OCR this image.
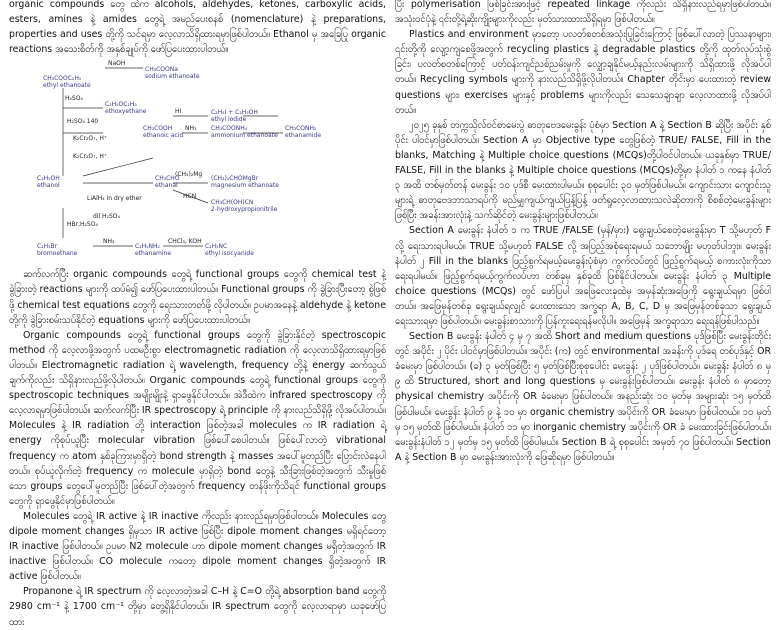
organic compounds တွေ ထဲက alcohols, aldehydes, ketones, carboxylic acids, esters, amines နဲ့ amides တွေရဲ့ အမည်ပေးစနစ် (nomenclature) နဲ့ preparations, properties and uses တို့ကို သင်ရမှာ လေ့လာသိရှိထားရမှာဖြစ်ပါတယ်။ Ethanol မှ အခြေပြု organic reactions အသေးစိတ်ကို အနှစ်ချုပ်ကို ဖော်ပြပေးထားပါတယ်။

NaOH
CH₃COOC₂H₅
ethyl ethanoate
CH₃COONa
sodium ethanoate
H₂SO₄
C₂H₅OC₂H₅
ethoxyethane
H₂SO₄ 140
HI	C₂H₅I + C₂H₅OH
ethyl iodide
K₂Cr₂O₇, H⁺
CH₃COOH
ethanoic acid
NH₃ CH₃COONH₄
ammonium ethanoate
CH₃CONH₂
ethanamide
K₂Cr₂O₇, H⁺
C₂H₅OH
ethanol
CH₃CHO
ethanal
(CH₃)₂Mg
(CH₃)₂CHOMgBr
magnesium ethanoate
HCN
CH₃CH(OH)CN
2-hydroxypropionitrile
LiAlH₄ in dry ether
dil H₂SO₄
HBr,H₂SO₄
C₂H₅Br
bromoethane
NH₃
C₂H₅NH₂
ethanamine
CHCl₃, KOH
C₂H₅NC
ethyl isocyanide

ဆက်လက်ပြီး organic compounds တွေရဲ့ functional groups တွေကို chemical test နဲ့ ခွဲခြားတဲ့ reactions များကို ထပ်မံ၍ ဖော်ပြပေးထားပါတယ်။ Functional groups ကို ခွဲခြားပြီးတော့ စွဲဖြစ်ဖို့ chemical test equations တွေကို ရေးသားတတ်ဖို့ လိုပါတယ်။ ဥပမာအနေနဲ့ aldehyde နဲ့ ketone တို့ကို ခွဲခြားစမ်းသပ်နိုင်တဲ့ equations များကို ဖော်ပြပေးထားပါတယ်။

Organic compounds တွေရဲ့ functional groups တွေကို ခွဲခြားနိုင်တဲ့ spectroscopic method ကို လေ့လာဖို့အတွက် ပထမဦးစွာ electromagnetic radiation ကို လေ့လာသိရှိထားရမှာဖြစ်ပါတယ်။ Electromagnetic radiation ရဲ့ wavelength, frequency တို့နဲ့ energy ဆက်သွယ်ချက်ကိုလည်း သိရှိနားလည်ဖို့လိုပါတယ်။ Organic compounds တွေရဲ့ functional groups တွေကို spectroscopic techniques အမျိုးမျိုးနဲ့ ရှာဖွေနိုင်ပါတယ်။ အဲဒီထဲက infrared spectroscopy ကို လေ့လာရမှာဖြစ်ပါတယ်။ ဆက်လက်ပြီး IR spectroscopy ရဲ့ principle ကို နားလည်သိရှိဖို့ လိုအပ်ပါတယ်။ Molecules နဲ့ IR radiation တို့ interaction ဖြစ်တဲ့အခါ molecules က IR radiation ရဲ့ energy ကိုစုပ်ယူပြီး molecular vibration ဖြစ်ပေါ်စေပါတယ်။ ဖြစ်ပေါ်လာတဲ့ vibrational frequency က atom နှစ်ခုကြားမှာရှိတဲ့ bond strength နဲ့ masses အပေါ်မူတည်ပြီး ပြောင်းလဲနေပါတယ်။ စုပ်ယူလိုက်တဲ့ frequency က molecule မှာရှိတဲ့ bond တွေနဲ့ သီးခြားဖြစ်တဲ့အတွက် သီးမှုဖြစ်သော groups တွေပေါ်မူတည်ပြီး ဖြစ်ပေါ်တဲ့အတွက် frequency တန်ဖိုးကိုသိရင် functional groups တွေကို ရှာဖွေနိုင်မှာဖြစ်ပါတယ်။

Molecules တွေရဲ့ IR active နဲ့ IR inactive ကိုလည်း နားလည်ရမှာဖြစ်ပါတယ်။ Molecules တွေ dipole moment changes ရှိမှသာ IR active ဖြစ်ပြီး dipole moment changes မရှိရင်တော့ IR inactive ဖြစ်ပါတယ်။ ဥပမာ N2 molecule ဟာ dipole moment changes မရှိတဲ့အတွက် IR inactive ဖြစ်ပါတယ်။ CO molecule ကတော့ dipole moment changes ရှိတဲ့အတွက် IR active ဖြစ်ပါတယ်။

Propanone ရဲ့ IR spectrum ကို လေ့လာတဲ့အခါ C–H နဲ့ C=O တို့ရဲ့ absorption band တွေကို 2980 cm⁻¹ နဲ့ 1700 cm⁻¹ တို့မှာ တွေ့ရှိနိုင်ပါတယ်။ IR spectrum တွေကို လေ့လာရာမှာ ယခုဖော်ပြထား

ပြီး polymerisation ဖြစ်ခြင်းအားဖြင့် repeated linkage ကိုလည်း သိရှိနားလည်ရမှာဖြစ်ပါတယ်။ အသုံးဝင်ပုံနဲ့ ၎င်းတို့ရဲ့ဆိုးကျိုးများကိုလည်း မှတ်သားထားသိရှိရမှာ ဖြစ်ပါတယ်။

Plastics and environment မှာတော့ ပလတ်စတစ်အသုံးပြုခြင်းကြောင့် ဖြစ်ပေါ်လာတဲ့ ပြဿနာများ၊ ၎င်းတို့ကို လျော့ကျစေဖို့အတွက် recycling plastics နဲ့ degradable plastics တို့ကို ထုတ်လုပ်သုံးစွဲခြင်း၊ ပလတ်စတစ်ကြောင့် ပတ်ဝန်းကျင်ညစ်ညမ်းမှုကို လျှော့ချနိုင်မယ့်နည်းလမ်းများကို သိရှိထားဖို့ လိုအပ်ပါတယ်။ Recycling symbols များကို နားလည်သိရှိဖို့လိုပါတယ်။ Chapter တိုင်းမှာ ပေးထားတဲ့ review questions များ၊ exercises များနှင့် problems များကိုလည်း သေသေချာချာ လေ့လာထားဖို့ လိုအပ်ပါတယ်။

၂၀၂၅ ခုနှစ် တက္ကသိုလ်ဝင်စာမေးပွဲ ဓာတုဗေဒမေးခွန်း ပုံစံမှာ Section A နဲ့ Section B ဆိုပြီး အပိုင်း နှစ်ပိုင်း ပါဝင်မှာဖြစ်ပါတယ်။ Section A မှာ Objective type တွေဖြစ်တဲ့ TRUE/ FALSE, Fill in the blanks, Matching နဲ့ Multiple choice questions (MCQs)တို့ပါဝင်ပါတယ်။ ယခုနှစ်မှာ TRUE/ FALSE, Fill in the blanks နဲ့ Multiple choice questions (MCQs)တို့မှာ နံပါတ် ၁ ကနေ နံပါတ် ၃ အထိ တစ်မှတ်တန် မေးခွန်း ၁၀ ပုဒ်စီ မေးထားပါမယ်။ စုစုပေါင်း ၃၀ မှတ်ဖြစ်ပါမယ်။ ကျောင်းသား ကျောင်းသူများရဲ့ ဓာတုဗေဒဘာသာရပ်ကို မည်မျှကျယ်ကျယ်ပြန့်ပြန့် ဖတ်ရှုလေ့လာထားသလဲဆိုတာကို စိစစ်တဲ့မေးခွန်းများဖြစ်ပြီး အခန်းအားလုံးနဲ့ သက်ဆိုင်တဲ့ မေးခွန်းများဖြစ်ပါတယ်။

Section A မေးခွန်း နံပါတ် ၁ က TRUE /FALSE (မှန်/မှား) ရွေးချယ်စေတဲ့မေးခွန်းမှာ T သို့မဟုတ် F လို့ ရေးသားရပါမယ်။ TRUE သို့မဟုတ် FALSE လို့ အပြည့်အစုံရေးရမယ် သဘောမျိုး မဟုတ်ပါဘူး။ မေးခွန်းနံပါတ် ၂ Fill in the blanks ဖြည့်စွက်ရမယ့်မေးခွန်းပုံစံမှာ ကွက်လပ်တွင် ဖြည့်စွက်ရမယ့် စကားလုံးကိုသာ ရေးရပါမယ်။ ဖြည့်စွက်ရမယ့်ကွက်လပ်ဟာ တစ်ခုမှ နှစ်ခုထိ ဖြစ်နိုင်ပါတယ်။ မေးခွန်း နံပါတ် ၃ Multiple choice questions (MCQs) တွင် ဖော်ပြပါ အဖြေလေးခုထဲမှ အမှန်ဆုံးအဖြေကို ရွေးချယ်ရမှာ ဖြစ်ပါတယ်။ အဖြေမှန်တစ်ခု ရွေးချယ်ရလျှင် ပေးထားသော အက္ခရာ A, B, C, D မှ အဖြေမှန်တစ်ခုသာ ရွေးချယ်ရေးသားရမှာ ဖြစ်ပါတယ်။ မေးခွန်းစာသားကို ပြန်ကူးရေးရန်မလိုပါ။ အဖြေမှန် အက္ခရာသာ ရေးရန်ဖြစ်ပါသည်။

Section B မေးခွန်း နံပါတ် ၄ မှ ၇ အထိ Short and medium questions ပုဒ်ဖြစ်ပြီး မေးခွန်းတိုင်းတွင် အပိုင်း ၂ ပိုင်း ပါဝင်မှာဖြစ်ပါတယ်။ အပိုင်း (က) တွင် environmental အခန်းကို ပုဒ်ရေ တစ်ပုဒ်နှင့် OR ခံမေးမှာ ဖြစ်ပါတယ်။ (ခ) ၃ မှတ်ဖြစ်ပြီး ၅ မှတ်ဖြစ်ပြီးစုစုပေါင်း မေးခွန်း ၂ ပုဒ်ဖြစ်ပါတယ်။ မေးခွန်း နံပါတ် ၈ မှ ၉ ထိ Structured, short and long questions မှ မေးခွန်းဖြစ်ပါတယ်။ မေးခွန်း နံပါတ် ၈ မှာတော့ physical chemistry အပိုင်းကို OR ခံမေးမှာ ဖြစ်ပါတယ်။ အနည်းဆုံး ၁၀ မှတ်မှ အများဆုံး ၁၅ မှတ်ထိ ဖြစ်ပါမယ်။ မေးခွန်း နံပါတ် ၉ နဲ့ ၁၀ မှာ organic chemistry အပိုင်းကို OR ခံမေးမှာ ဖြစ်ပါတယ်။ ၁၀ မှတ်မှ ၁၅ မှတ်ထိ ဖြစ်ပါမယ်။ နံပါတ် ၁၁ မှာ inorganic chemistry အပိုင်းကို OR ခံ မေးထားခြင်းဖြစ်ပါတယ်။ မေးခွန်းနံပါတ် ၁၂ မှတ်မှ ၁၅ မှတ်ထိ ဖြစ်ပါမယ်။ Section B ရဲ့ စုစုပေါင်း အမှတ် ၇၀ ဖြစ်ပါတယ်။ Section A နဲ့ Section B မှာ မေးခွန်းအားလုံးကို ဖြေဆိုရမှာ ဖြစ်ပါတယ်။
